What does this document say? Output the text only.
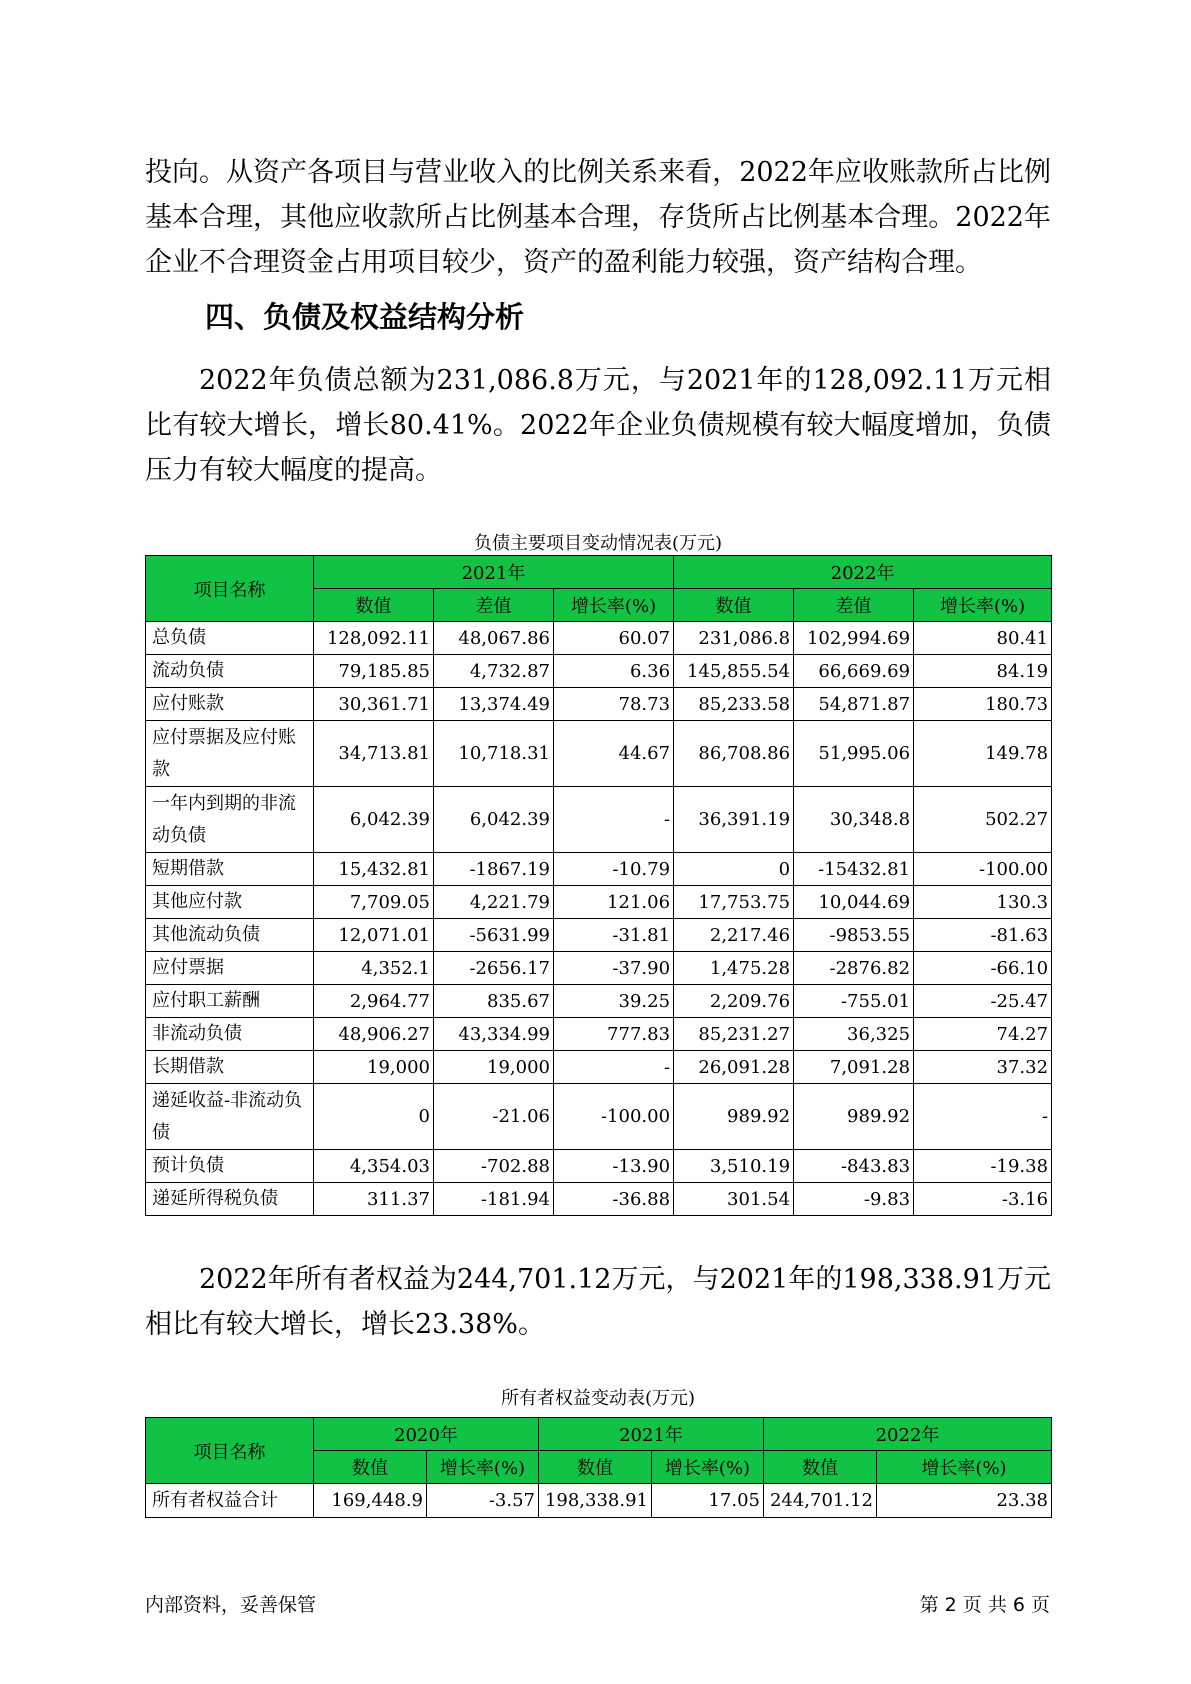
投向。从资产各项目与营业收入的比例关系来看，2022年应收账款所占比例基本合理，其他应收款所占比例基本合理，存货所占比例基本合理。2022年企业不合理资金占用项目较少，资产的盈利能力较强，资产结构合理。

四、负债及权益结构分析

2022年负债总额为231,086.8万元，与2021年的128,092.11万元相比有较大增长，增长80.41%。2022年企业负债规模有较大幅度增加，负债压力有较大幅度的提高。

负债主要项目变动情况表(万元)
项目名称	2021年			2022年		
	数值	差值	增长率(%)	数值	差值	增长率(%)
总负债	128,092.11	48,067.86	60.07	231,086.8	102,994.69	80.41
流动负债	79,185.85	4,732.87	6.36	145,855.54	66,669.69	84.19
应付账款	30,361.71	13,374.49	78.73	85,233.58	54,871.87	180.73
应付票据及应付账款	34,713.81	10,718.31	44.67	86,708.86	51,995.06	149.78
一年内到期的非流动负债	6,042.39	6,042.39	-	36,391.19	30,348.8	502.27
短期借款	15,432.81	-1867.19	-10.79	0	-15432.81	-100.00
其他应付款	7,709.05	4,221.79	121.06	17,753.75	10,044.69	130.3
其他流动负债	12,071.01	-5631.99	-31.81	2,217.46	-9853.55	-81.63
应付票据	4,352.1	-2656.17	-37.90	1,475.28	-2876.82	-66.10
应付职工薪酬	2,964.77	835.67	39.25	2,209.76	-755.01	-25.47
非流动负债	48,906.27	43,334.99	777.83	85,231.27	36,325	74.27
长期借款	19,000	19,000	-	26,091.28	7,091.28	37.32
递延收益-非流动负债	0	-21.06	-100.00	989.92	989.92	-
预计负债	4,354.03	-702.88	-13.90	3,510.19	-843.83	-19.38
递延所得税负债	311.37	-181.94	-36.88	301.54	-9.83	-3.16

2022年所有者权益为244,701.12万元，与2021年的198,338.91万元相比有较大增长，增长23.38%。

所有者权益变动表(万元)
项目名称	2020年		2021年		2022年	
	数值	增长率(%)	数值	增长率(%)	数值	增长率(%)
所有者权益合计	169,448.9	-3.57	198,338.91	17.05	244,701.12	23.38
内部资料，妥善保管	第 2 页 共 6 页
